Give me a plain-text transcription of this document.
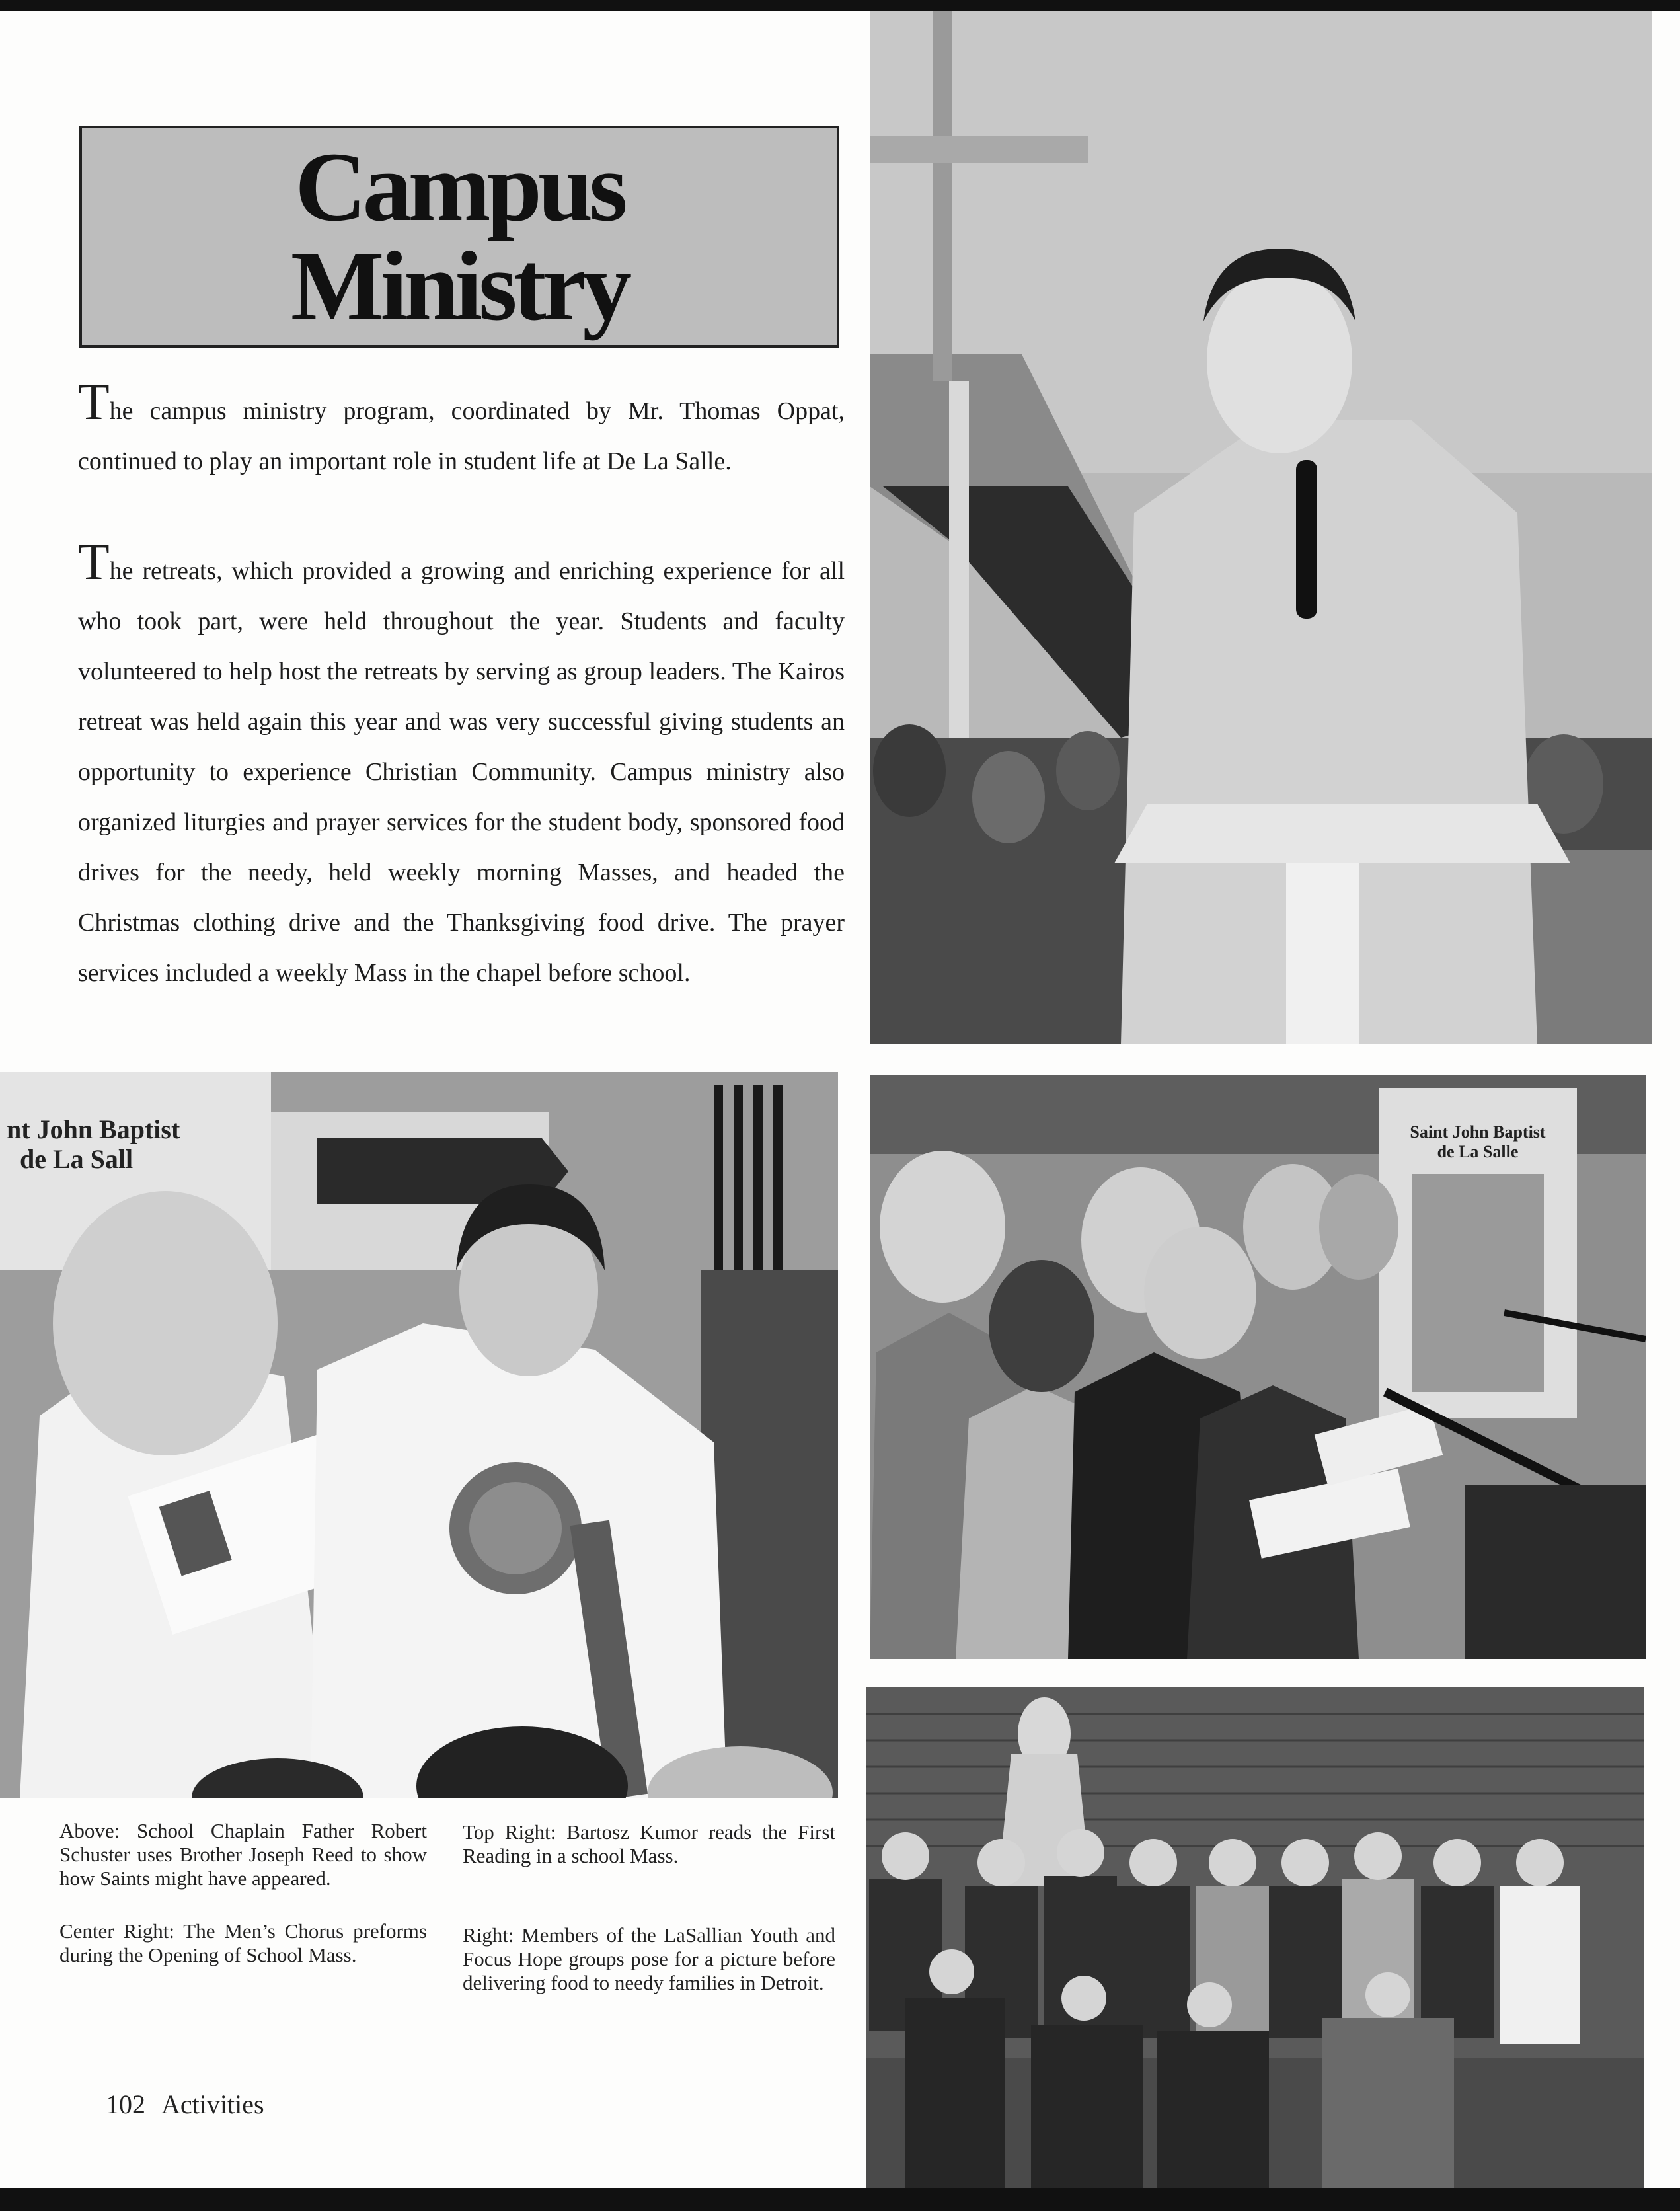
Campus
Ministry
The campus ministry program, coordinated by Mr. Thomas Oppat, continued to play an important role in student life at De La Salle.
The retreats, which provided a growing and enriching experience for all who took part, were held throughout the year. Students and faculty volunteered to help host the retreats by serving as group leaders. The Kairos retreat was held again this year and was very successful giving students an opportunity to experience Christian Community. Campus ministry also organized liturgies and prayer services for the student body, sponsored food drives for the needy, held weekly morning Masses, and headed the Christmas clothing drive and the Thanksgiving food drive. The prayer services included a weekly Mass in the chapel before school.
nt John Baptist
de La Sall
Saint John Baptist
de La Salle
Above: School Chaplain Father Robert Schuster uses Brother Joseph Reed to show how Saints might have appeared.
Center Right: The Men’s Chorus preforms during the Opening of School Mass.
Top Right: Bartosz Kumor reads the First Reading in a school Mass.
Right: Members of the LaSallian Youth and Focus Hope groups pose for a picture before delivering food to needy families in Detroit.
102 Activities
